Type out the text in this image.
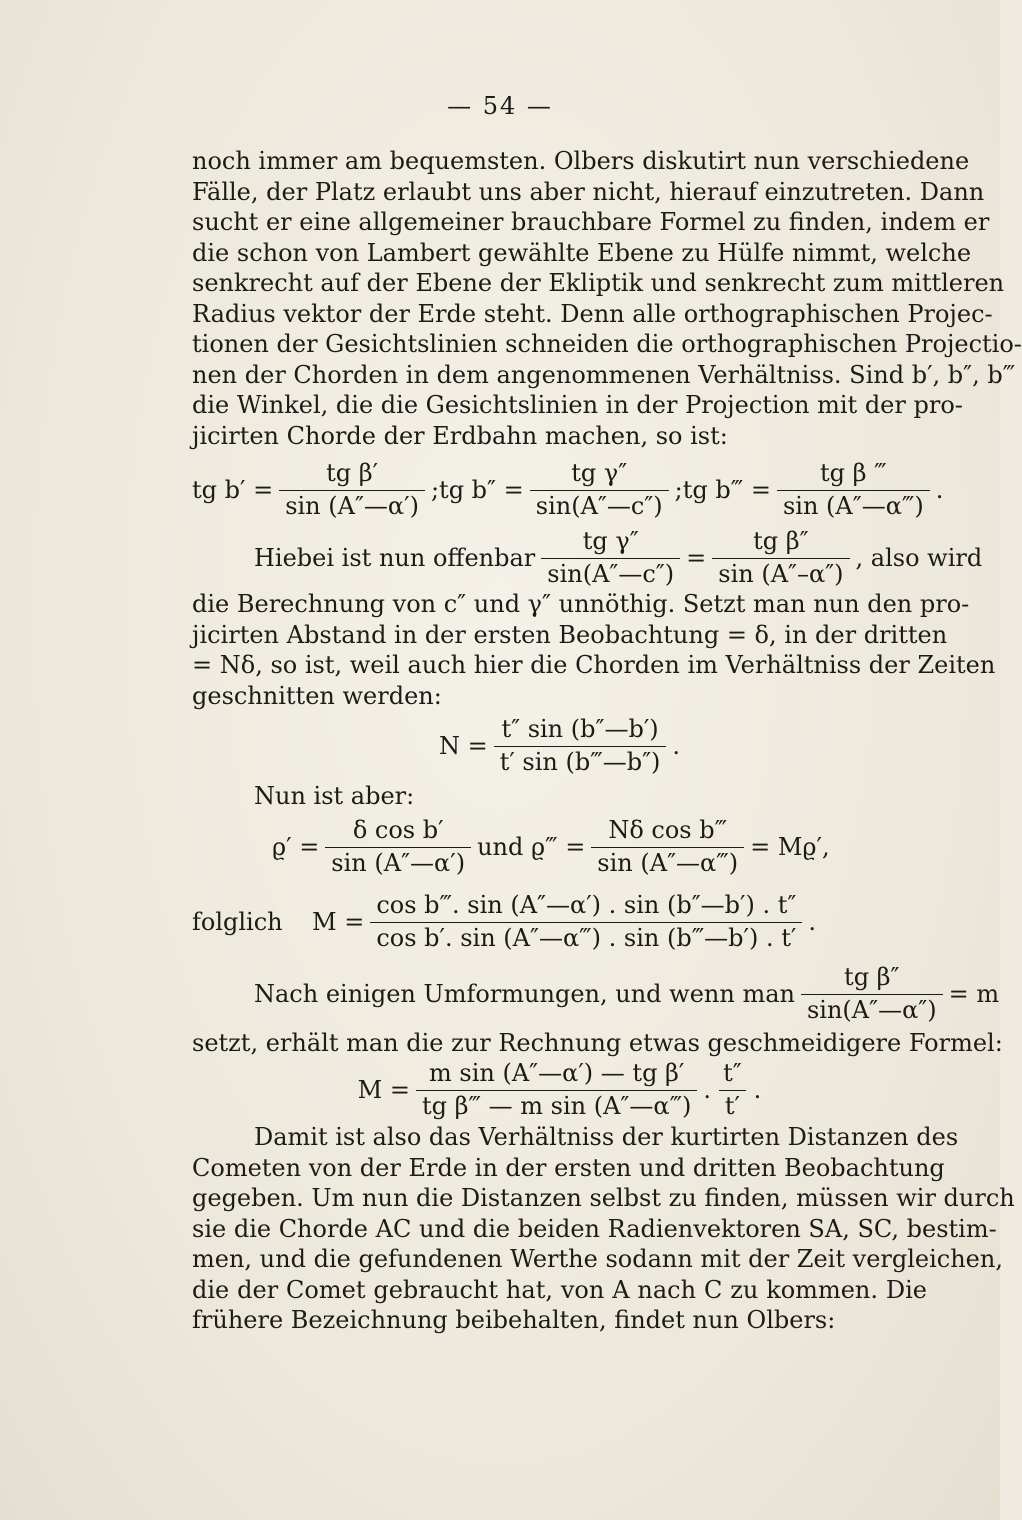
— 54 —
noch immer am bequemsten. Olbers diskutirt nun verschiedene
Fälle, der Platz erlaubt uns aber nicht, hierauf einzutreten. Dann
sucht er eine allgemeiner brauchbare Formel zu finden, indem er
die schon von Lambert gewählte Ebene zu Hülfe nimmt, welche
senkrecht auf der Ebene der Ekliptik und senkrecht zum mittleren
Radius vektor der Erde steht. Denn alle orthographischen Projec-
tionen der Gesichtslinien schneiden die orthographischen Projectio-
nen der Chorden in dem angenommenen Verhältniss. Sind b′, b″, b‴
die Winkel, die die Gesichtslinien in der Projection mit der pro-
jicirten Chorde der Erdbahn machen, so ist:
tg $b' = \frac{\text{tg β′}}{\sin (A''—\alpha')}$ ; tg $b'' = \frac{\text{tg γ″}}{\sin(A''—c'')}$ ; tg b‴ = $\frac{\text{tg β ‴}}{\sin (A''—\alpha‴)}$ .
Hiebei ist nun offenbar $\frac{\text{tg γ″}}{\sin(A''—c'')} = \frac{\text{tg β″}}{\sin (A''-\alpha'')}$ , also wird
die Berechnung von c″ und γ″ unnöthig. Setzt man nun den pro-
jicirten Abstand in der ersten Beobachtung = δ, in der dritten
= Nδ, so ist, weil auch hier die Chorden im Verhältniss der Zeiten
geschnitten werden:
$N = \frac{t'' \sin (b''—b')}{t' \sin (b‴—b'')}$ .
Nun ist aber:
$ϱ' = \frac{\text{δ cos b′}}{\sin (A''—\alpha')}$ und ϱ‴ = $\frac{\text{Nδ cos b‴}}{\sin (A''—\alpha‴)} = Mϱ'$,
folglich	$M = \frac{\text{cos b‴. sin (A″—α′) . sin (b″—b′) . t″}}{\text{cos b′. sin (A″—α‴) . sin (b‴—b′) . t′}}$ .
Nach einigen Umformungen, und wenn man $\frac{\text{tg β″}}{\sin(A''—\alpha'')} = m$
setzt, erhält man die zur Rechnung etwas geschmeidigere Formel:
$M = \frac{\text{m sin (A″—α′) — tg β′}}{\text{tg β‴ — m sin (A″—α‴)}}$ . $\frac{t''}{t'}$ .
Damit ist also das Verhältniss der kurtirten Distanzen des
Cometen von der Erde in der ersten und dritten Beobachtung
gegeben. Um nun die Distanzen selbst zu finden, müssen wir durch
sie die Chorde AC und die beiden Radienvektoren SA, SC, bestim-
men, und die gefundenen Werthe sodann mit der Zeit vergleichen,
die der Comet gebraucht hat, von A nach C zu kommen. Die
frühere Bezeichnung beibehalten, findet nun Olbers:
